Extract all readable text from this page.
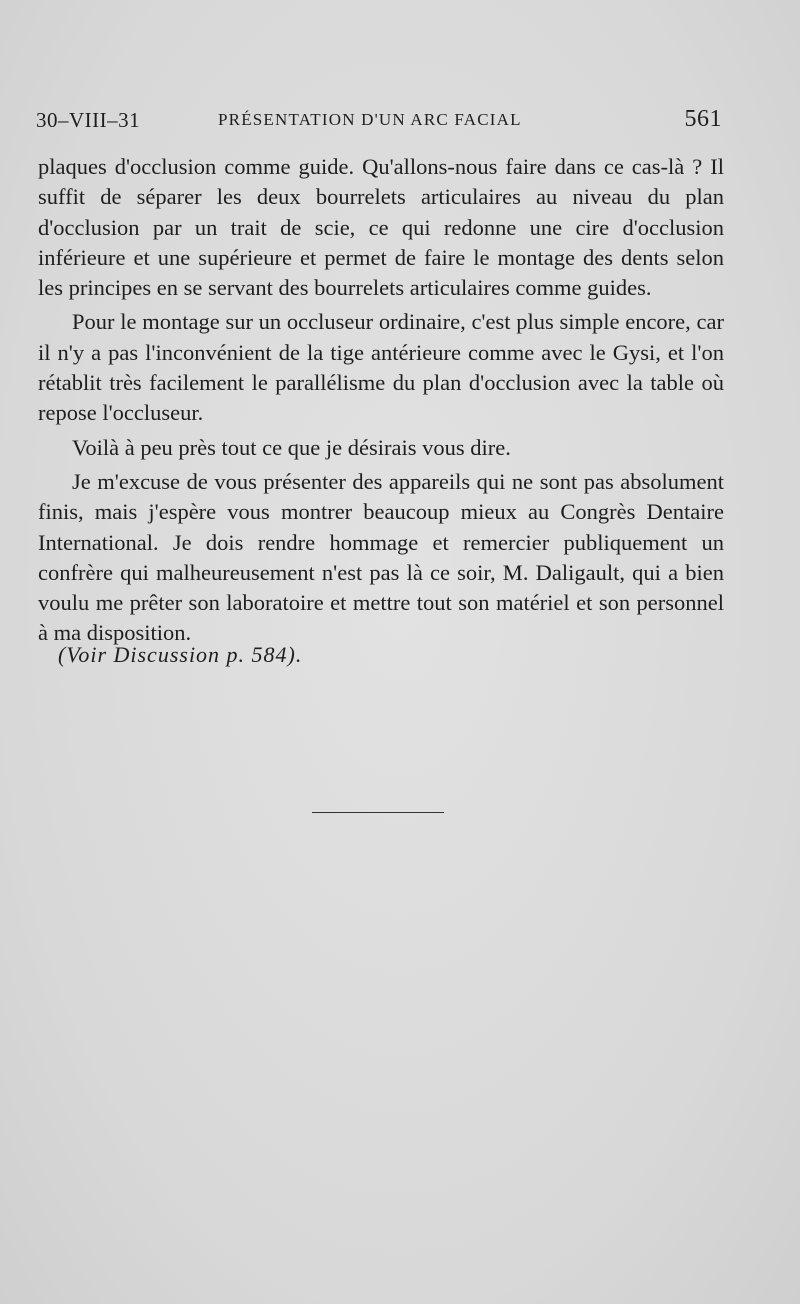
30–VIII–31	PRÉSENTATION D'UN ARC FACIAL	561

plaques d'occlusion comme guide. Qu'allons-nous faire dans ce cas-là ? Il suffit de séparer les deux bourrelets articulaires au niveau du plan d'occlusion par un trait de scie, ce qui redonne une cire d'occlusion inférieure et une supérieure et permet de faire le montage des dents selon les principes en se servant des bourrelets articulaires comme guides.

Pour le montage sur un occluseur ordinaire, c'est plus simple encore, car il n'y a pas l'inconvénient de la tige antérieure comme avec le Gysi, et l'on rétablit très facilement le parallélisme du plan d'occlusion avec la table où repose l'occluseur.

Voilà à peu près tout ce que je désirais vous dire.

Je m'excuse de vous présenter des appareils qui ne sont pas absolument finis, mais j'espère vous montrer beaucoup mieux au Congrès Dentaire International. Je dois rendre hommage et remercier publiquement un confrère qui malheureusement n'est pas là ce soir, M. Daligault, qui a bien voulu me prêter son laboratoire et mettre tout son matériel et son personnel à ma disposition.

(Voir Discussion p. 584).
